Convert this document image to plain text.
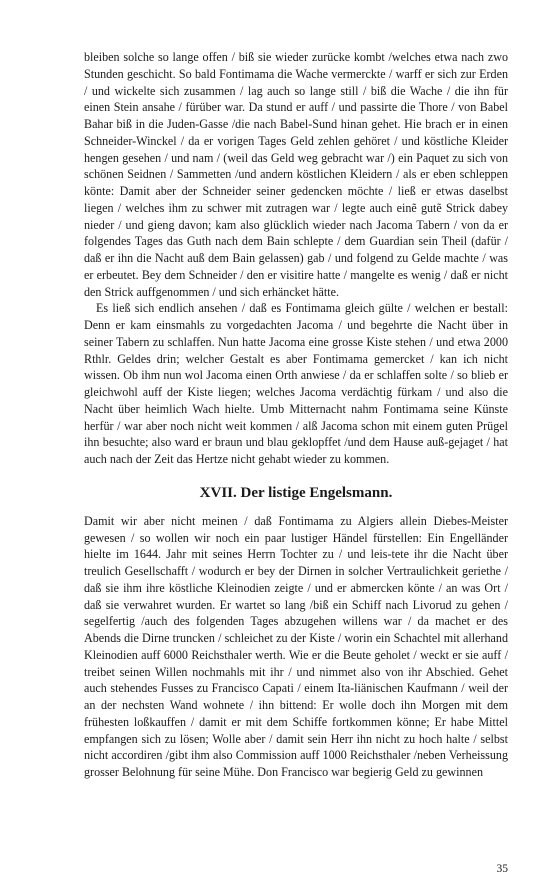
bleiben solche so lange offen / biß sie wieder zurücke kombt /welches etwa nach zwo Stunden geschicht. So bald Fontimama die Wache vermerckte / warff er sich zur Erden / und wickelte sich zusammen / lag auch so lange still / biß die Wache / die ihn für einen Stein ansahe / fürüber war. Da stund er auff / und passirte die Thore / von Babel Bahar biß in die Juden-Gasse /die nach Babel-Sund hinan gehet. Hie brach er in einen Schneider-Winckel / da er vorigen Tages Geld zehlen gehöret / und köstliche Kleider hengen gesehen / und nam / (weil das Geld weg gebracht war /) ein Paquet zu sich von schönen Seidnen / Sammetten /und andern köstlichen Kleidern / als er eben schleppen könte: Damit aber der Schneider seiner gedencken möchte / ließ er etwas daselbst liegen / welches ihm zu schwer mit zutragen war / legte auch einẽ gutẽ Strick dabey nieder / und gieng davon; kam also glücklich wieder nach Jacoma Tabern / von da er folgendes Tages das Guth nach dem Bain schlepte / dem Guardian sein Theil (dafür / daß er ihn die Nacht auß dem Bain gelassen) gab / und folgend zu Gelde machte / was er erbeutet. Bey dem Schneider / den er visitire hatte / mangelte es wenig / daß er nicht den Strick auffgenommen / und sich erhäncket hätte.

Es ließ sich endlich ansehen / daß es Fontimama gleich gülte / welchen er bestall: Denn er kam einsmahls zu vorgedachten Jacoma / und begehrte die Nacht über in seiner Tabern zu schlaffen. Nun hatte Jacoma eine grosse Kiste stehen / und etwa 2000 Rthlr. Geldes drin; welcher Gestalt es aber Fontimama gemercket / kan ich nicht wissen. Ob ihm nun wol Jacoma einen Orth anwiese / da er schlaffen solte / so blieb er gleichwohl auff der Kiste liegen; welches Jacoma verdächtig fürkam / und also die Nacht über heimlich Wach hielte. Umb Mitternacht nahm Fontimama seine Künste herfür / war aber noch nicht weit kommen / alß Jacoma schon mit einem guten Prügel ihn besuchte; also ward er braun und blau geklopffet /und dem Hause auß-gejaget / hat auch nach der Zeit das Hertze nicht gehabt wieder zu kommen.

XVII. Der listige Engelsmann.

Damit wir aber nicht meinen / daß Fontimama zu Algiers allein Diebes-Meister gewesen / so wollen wir noch ein paar lustiger Händel fürstellen: Ein Engelländer hielte im 1644. Jahr mit seines Herrn Tochter zu / und leis-tete ihr die Nacht über treulich Gesellschafft / wodurch er bey der Dirnen in solcher Vertraulichkeit geriethe / daß sie ihm ihre köstliche Kleinodien zeigte / und er abmercken könte / an was Ort / daß sie verwahret wurden. Er wartet so lang /biß ein Schiff nach Livorud zu gehen / segelfertig /auch des folgenden Tages abzugehen willens war / da machet er des Abends die Dirne truncken / schleichet zu der Kiste / worin ein Schachtel mit allerhand Kleinodien auff 6000 Reichsthaler werth. Wie er die Beute geholet / weckt er sie auff / treibet seinen Willen nochmahls mit ihr / und nimmet also von ihr Abschied. Gehet auch stehendes Fusses zu Francisco Capati / einem Ita-liänischen Kaufmann / weil der an der nechsten Wand wohnete / ihn bittend: Er wolle doch ihn Morgen mit dem frühesten loßkauffen / damit er mit dem Schiffe fortkommen könne; Er habe Mittel empfangen sich zu lösen; Wolle aber / damit sein Herr ihn nicht zu hoch halte / selbst nicht accordiren /gibt ihm also Commission auff 1000 Reichsthaler /neben Verheissung grosser Belohnung für seine Mühe. Don Francisco war begierig Geld zu gewinnen

35
